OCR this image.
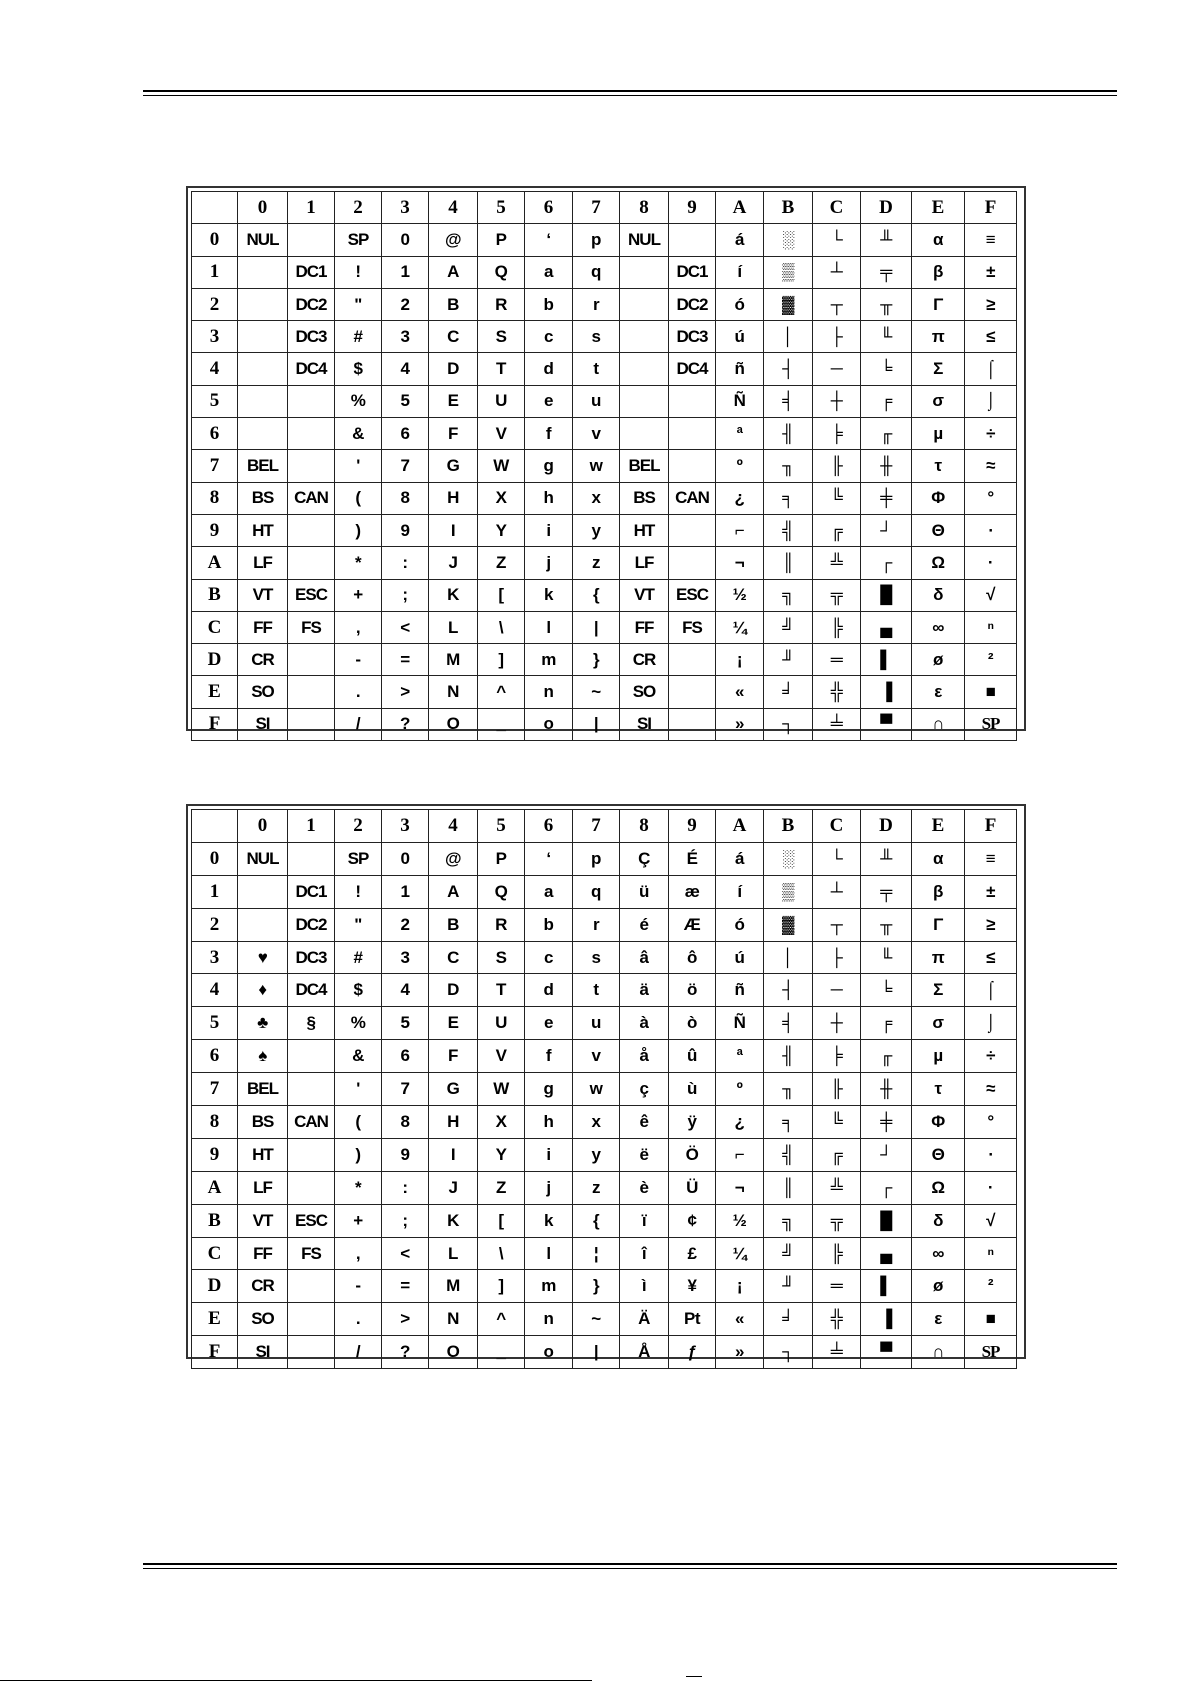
	0	1	2	3	4	5	6	7	8	9	A	B	C	D	E	F
0	NUL		SP	0	@	P	‘	p	NUL		á	░	└	╨	α	≡
1		DC1	!	1	A	Q	a	q		DC1	í	▒	┴	╤	β	±
2		DC2	"	2	B	R	b	r		DC2	ó	▓	┬	╥	Γ	≥
3		DC3	#	3	C	S	c	s		DC3	ú	│	├	╙	π	≤
4		DC4	$	4	D	T	d	t		DC4	ñ	┤	─	╘	Σ	⌠
5			%	5	E	U	e	u			Ñ	╡	┼	╒	σ	⌡
6			&	6	F	V	f	v			ª	╢	╞	╓	µ	÷
7	BEL		'	7	G	W	g	w	BEL		º	╖	╟	╫	τ	≈
8	BS	CAN	(	8	H	X	h	x	BS	CAN	¿	╕	╚	╪	Φ	°
9	HT		)	9	I	Y	i	y	HT		⌐	╣	╔	┘	Θ	∙
A	LF		*	:	J	Z	j	z	LF		¬	║	╩	┌	Ω	·
B	VT	ESC	+	;	K	[	k	{	VT	ESC	½	╗	╦	█	δ	√
C	FF	FS	,	<	L	\	l	|	FF	FS	¼	╝	╠	▄	∞	ⁿ
D	CR		-	=	M	]	m	}	CR		¡	╜	═	▌	ø	²
E	SO		.	>	N	^	n	~	SO		«	╛	╬	▐	ε	■
F	SI		/	?	O	_	o	|	SI		»	┐	╧	▀	∩	SP
	0	1	2	3	4	5	6	7	8	9	A	B	C	D	E	F
0	NUL		SP	0	@	P	‘	p	Ç	É	á	░	└	╨	α	≡
1		DC1	!	1	A	Q	a	q	ü	æ	í	▒	┴	╤	β	±
2		DC2	"	2	B	R	b	r	é	Æ	ó	▓	┬	╥	Γ	≥
3	♥	DC3	#	3	C	S	c	s	â	ô	ú	│	├	╙	π	≤
4	♦	DC4	$	4	D	T	d	t	ä	ö	ñ	┤	─	╘	Σ	⌠
5	♣	§	%	5	E	U	e	u	à	ò	Ñ	╡	┼	╒	σ	⌡
6	♠		&	6	F	V	f	v	å	û	ª	╢	╞	╓	µ	÷
7	BEL		'	7	G	W	g	w	ç	ù	º	╖	╟	╫	τ	≈
8	BS	CAN	(	8	H	X	h	x	ê	ÿ	¿	╕	╚	╪	Φ	°
9	HT		)	9	I	Y	i	y	ë	Ö	⌐	╣	╔	┘	Θ	∙
A	LF		*	:	J	Z	j	z	è	Ü	¬	║	╩	┌	Ω	·
B	VT	ESC	+	;	K	[	k	{	ï	¢	½	╗	╦	█	δ	√
C	FF	FS	,	<	L	\	l	¦	î	£	¼	╝	╠	▄	∞	ⁿ
D	CR		-	=	M	]	m	}	ì	¥	¡	╜	═	▌	ø	²
E	SO		.	>	N	^	n	~	Ä	Pt	«	╛	╬	▐	ε	■
F	SI		/	?	O	_	o	|	Å	ƒ	»	┐	╧	▀	∩	SP
